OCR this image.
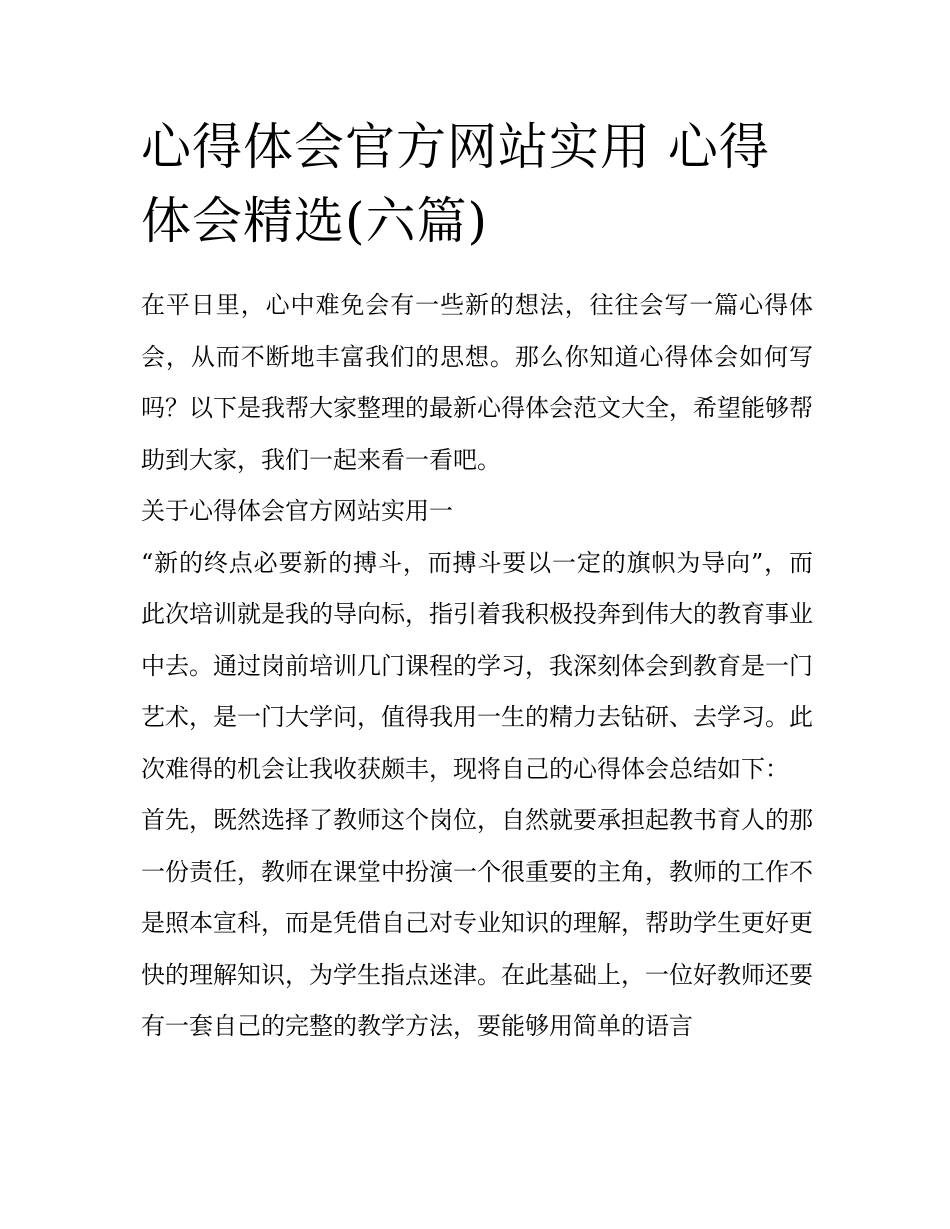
心得体会官方网站实用 心得体会精选(六篇)

在平日里，心中难免会有一些新的想法，往往会写一篇心得体会，从而不断地丰富我们的思想。那么你知道心得体会如何写吗？以下是我帮大家整理的最新心得体会范文大全，希望能够帮助到大家，我们一起来看一看吧。

关于心得体会官方网站实用一

“新的终点必要新的搏斗，而搏斗要以一定的旗帜为导向”，而此次培训就是我的导向标，指引着我积极投奔到伟大的教育事业中去。通过岗前培训几门课程的学习，我深刻体会到教育是一门艺术，是一门大学问，值得我用一生的精力去钻研、去学习。此次难得的机会让我收获颇丰，现将自己的心得体会总结如下：

首先，既然选择了教师这个岗位，自然就要承担起教书育人的那一份责任，教师在课堂中扮演一个很重要的主角，教师的工作不是照本宣科，而是凭借自己对专业知识的理解，帮助学生更好更快的理解知识，为学生指点迷津。在此基础上，一位好教师还要有一套自己的完整的教学方法，要能够用简单的语言
